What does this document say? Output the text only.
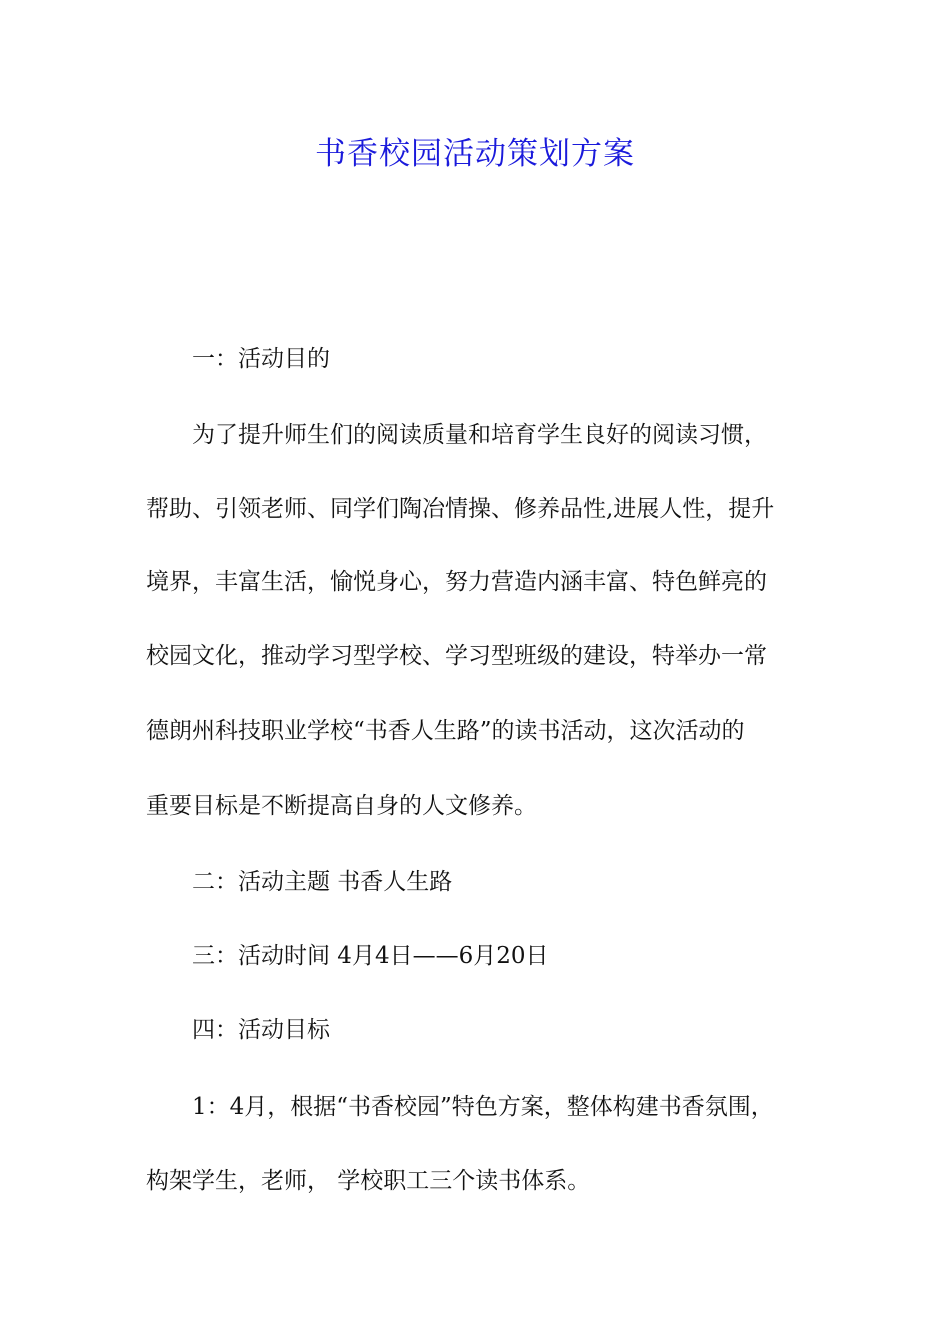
书香校园活动策划方案
一：活动目的
为了提升师生们的阅读质量和培育学生良好的阅读习惯，
帮助、引领老师、同学们陶冶情操、修养品性,进展人性，提升
境界，丰富生活，愉悦身心，努力营造内涵丰富、特色鲜亮的
校园文化，推动学习型学校、学习型班级的建设，特举办一常
德朗州科技职业学校“书香人生路”的读书活动，这次活动的
重要目标是不断提高自身的人文修养。
二：活动主题 书香人生路
三：活动时间 4月4日——6月20日
四：活动目标
1：4月，根据“书香校园”特色方案，整体构建书香氛围，
构架学生，老师， 学校职工三个读书体系。
